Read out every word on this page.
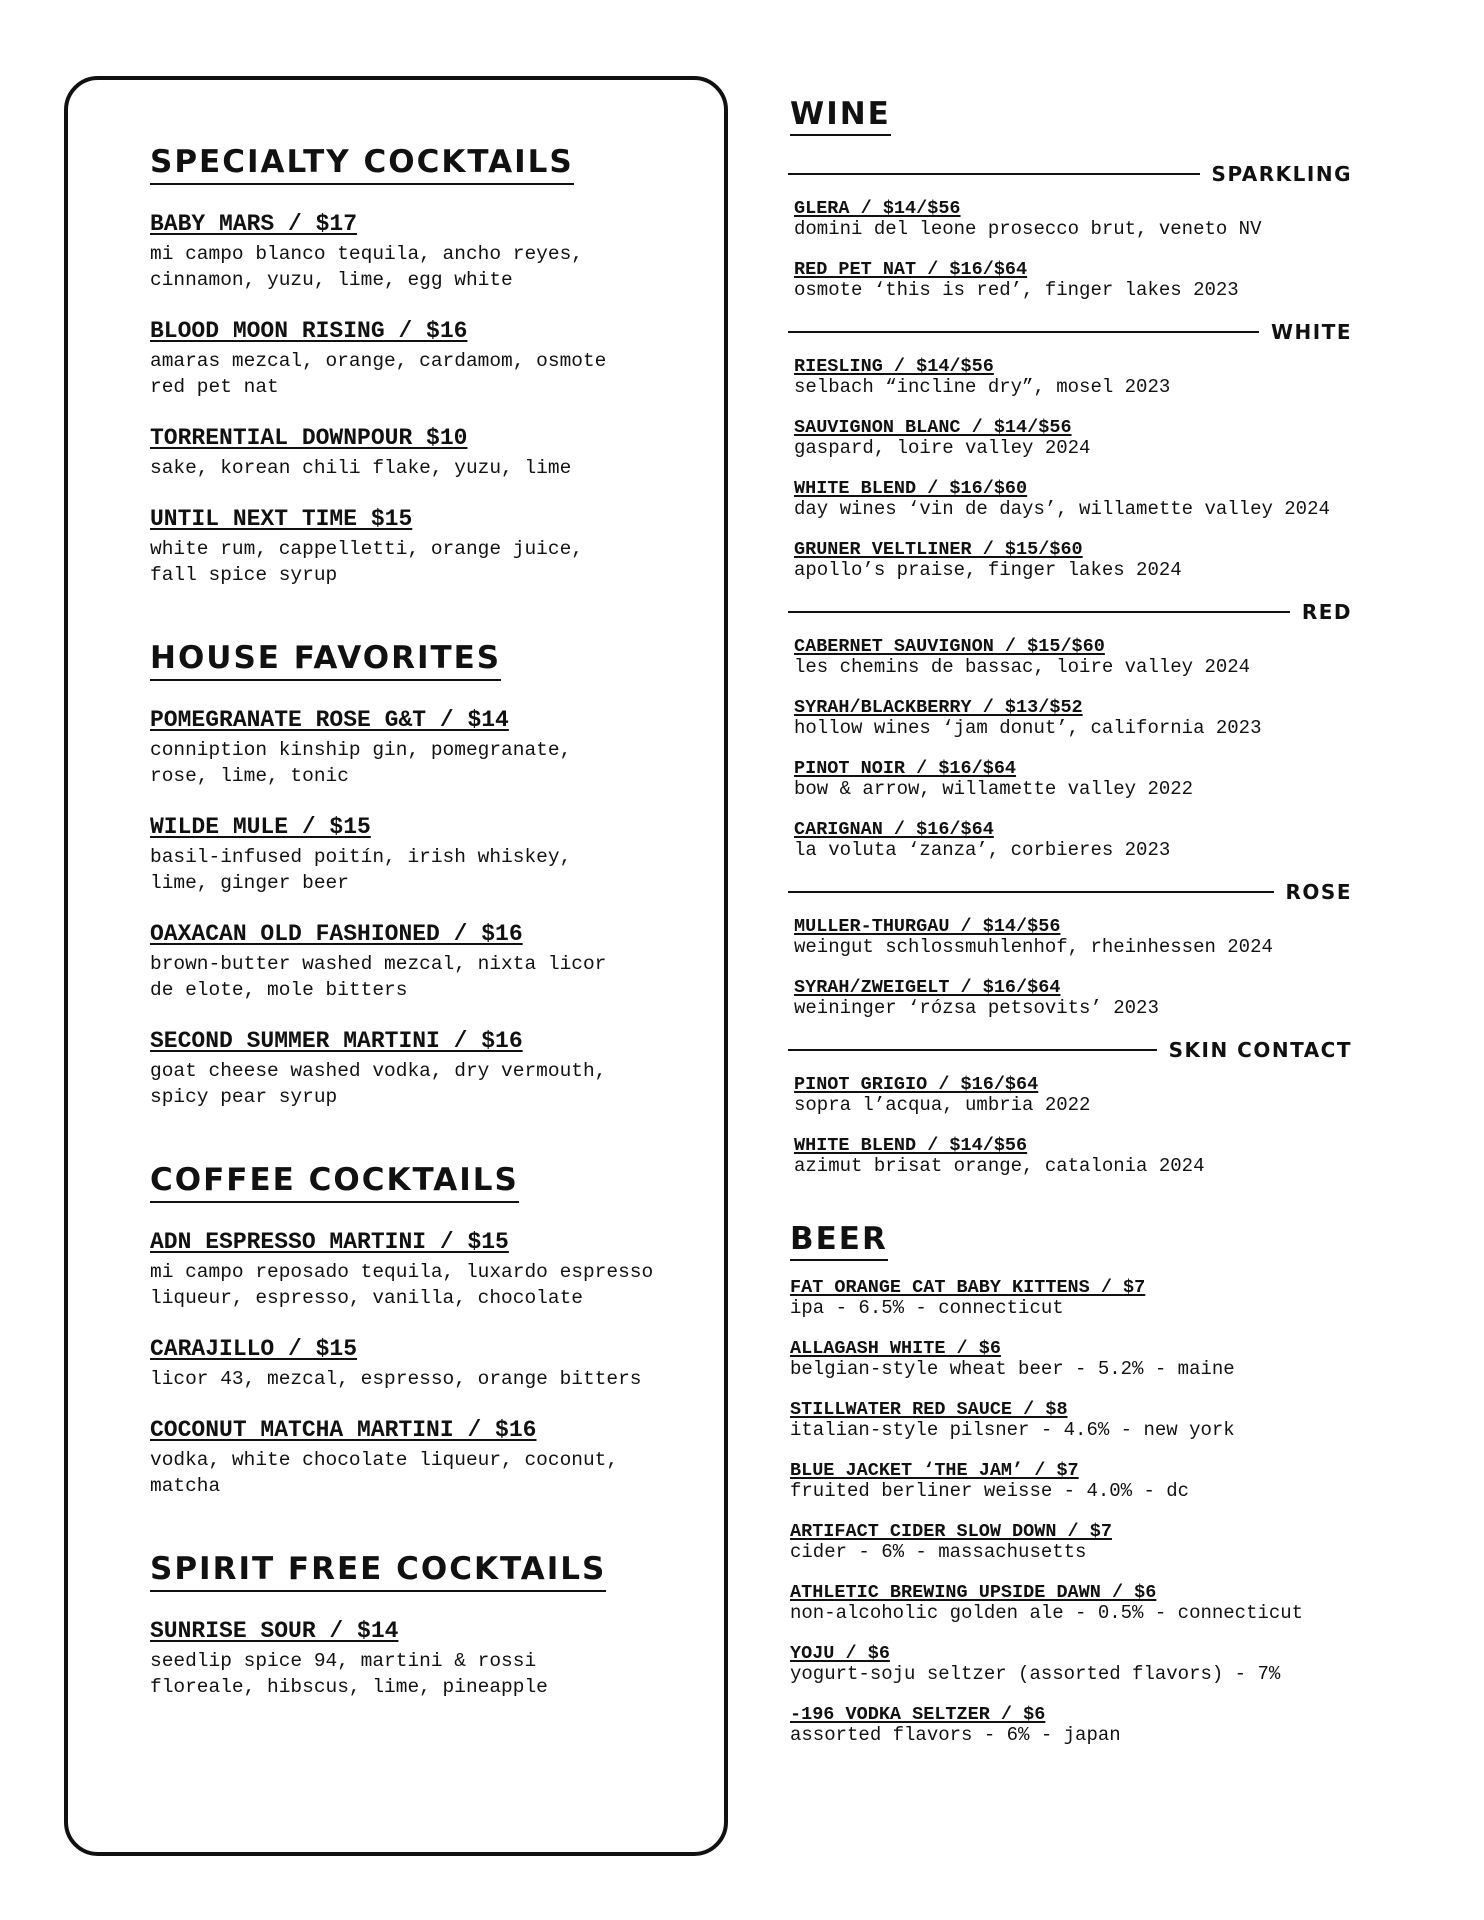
SPECIALTY COCKTAILS
BABY MARS / $17
mi campo blanco tequila, ancho reyes,
cinnamon, yuzu, lime, egg white
BLOOD MOON RISING / $16
amaras mezcal, orange, cardamom, osmote
red pet nat
TORRENTIAL DOWNPOUR $10
sake, korean chili flake, yuzu, lime
UNTIL NEXT TIME $15
white rum, cappelletti, orange juice,
fall spice syrup
HOUSE FAVORITES
POMEGRANATE ROSE G&T / $14
conniption kinship gin, pomegranate,
rose, lime, tonic
WILDE MULE / $15
basil-infused poitín, irish whiskey,
lime, ginger beer
OAXACAN OLD FASHIONED / $16
brown-butter washed mezcal, nixta licor
de elote, mole bitters
SECOND SUMMER MARTINI / $16
goat cheese washed vodka, dry vermouth,
spicy pear syrup
COFFEE COCKTAILS
ADN ESPRESSO MARTINI / $15
mi campo reposado tequila, luxardo espresso
liqueur, espresso, vanilla, chocolate
CARAJILLO / $15
licor 43, mezcal, espresso, orange bitters
COCONUT MATCHA MARTINI / $16
vodka, white chocolate liqueur, coconut,
matcha
SPIRIT FREE COCKTAILS
SUNRISE SOUR / $14
seedlip spice 94, martini & rossi
floreale, hibscus, lime, pineapple
WINE
SPARKLING
GLERA / $14/$56
domini del leone prosecco brut, veneto NV
RED PET NAT / $16/$64
osmote ‘this is red’, finger lakes 2023
WHITE
RIESLING / $14/$56
selbach “incline dry”, mosel 2023
SAUVIGNON BLANC / $14/$56
gaspard, loire valley 2024
WHITE BLEND / $16/$60
day wines ‘vin de days’, willamette valley 2024
GRUNER VELTLINER / $15/$60
apollo’s praise, finger lakes 2024
RED
CABERNET SAUVIGNON / $15/$60
les chemins de bassac, loire valley 2024
SYRAH/BLACKBERRY / $13/$52
hollow wines ‘jam donut’, california 2023
PINOT NOIR / $16/$64
bow & arrow, willamette valley 2022
CARIGNAN / $16/$64
la voluta ‘zanza’, corbieres 2023
ROSE
MULLER-THURGAU / $14/$56
weingut schlossmuhlenhof, rheinhessen 2024
SYRAH/ZWEIGELT / $16/$64
weininger ‘rózsa petsovits’ 2023
SKIN CONTACT
PINOT GRIGIO / $16/$64
sopra l’acqua, umbria 2022
WHITE BLEND / $14/$56
azimut brisat orange, catalonia 2024
BEER
FAT ORANGE CAT BABY KITTENS / $7
ipa - 6.5% - connecticut
ALLAGASH WHITE / $6
belgian-style wheat beer - 5.2% - maine
STILLWATER RED SAUCE / $8
italian-style pilsner - 4.6% - new york
BLUE JACKET ‘THE JAM’ / $7
fruited berliner weisse - 4.0% - dc
ARTIFACT CIDER SLOW DOWN / $7
cider - 6% - massachusetts
ATHLETIC BREWING UPSIDE DAWN / $6
non-alcoholic golden ale - 0.5% - connecticut
YOJU / $6
yogurt-soju seltzer (assorted flavors) - 7%
-196 VODKA SELTZER / $6
assorted flavors - 6% - japan
